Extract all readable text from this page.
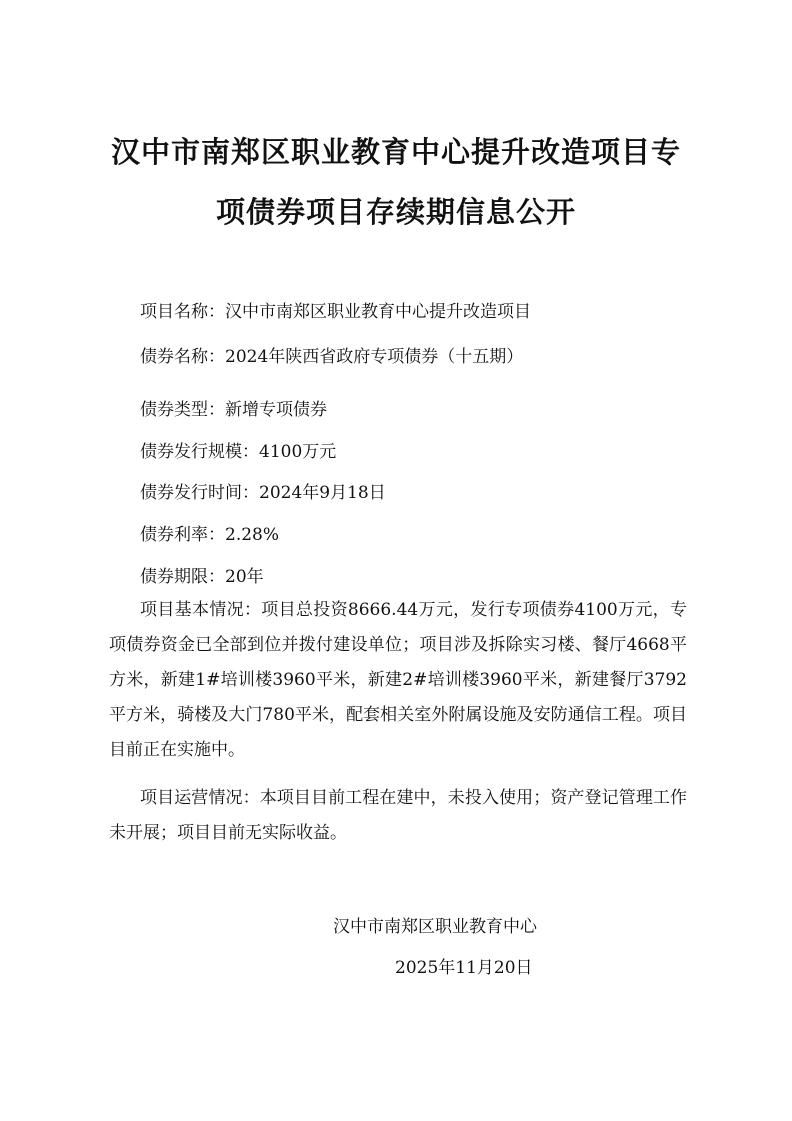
汉中市南郑区职业教育中心提升改造项目专
项债券项目存续期信息公开
项目名称：汉中市南郑区职业教育中心提升改造项目
债券名称：2024年陕西省政府专项债券（十五期）
债券类型：新增专项债券
债券发行规模：4100万元
债券发行时间：2024年9月18日
债券利率：2.28%
债券期限：20年
项目基本情况：项目总投资8666.44万元，发行专项债券4100万元，专项债券资金已全部到位并拨付建设单位；项目涉及拆除实习楼、餐厅4668平方米，新建1#培训楼3960平米，新建2#培训楼3960平米，新建餐厅3792平方米，骑楼及大门780平米，配套相关室外附属设施及安防通信工程。项目目前正在实施中。
项目运营情况：本项目目前工程在建中，未投入使用；资产登记管理工作未开展；项目目前无实际收益。
汉中市南郑区职业教育中心
2025年11月20日
